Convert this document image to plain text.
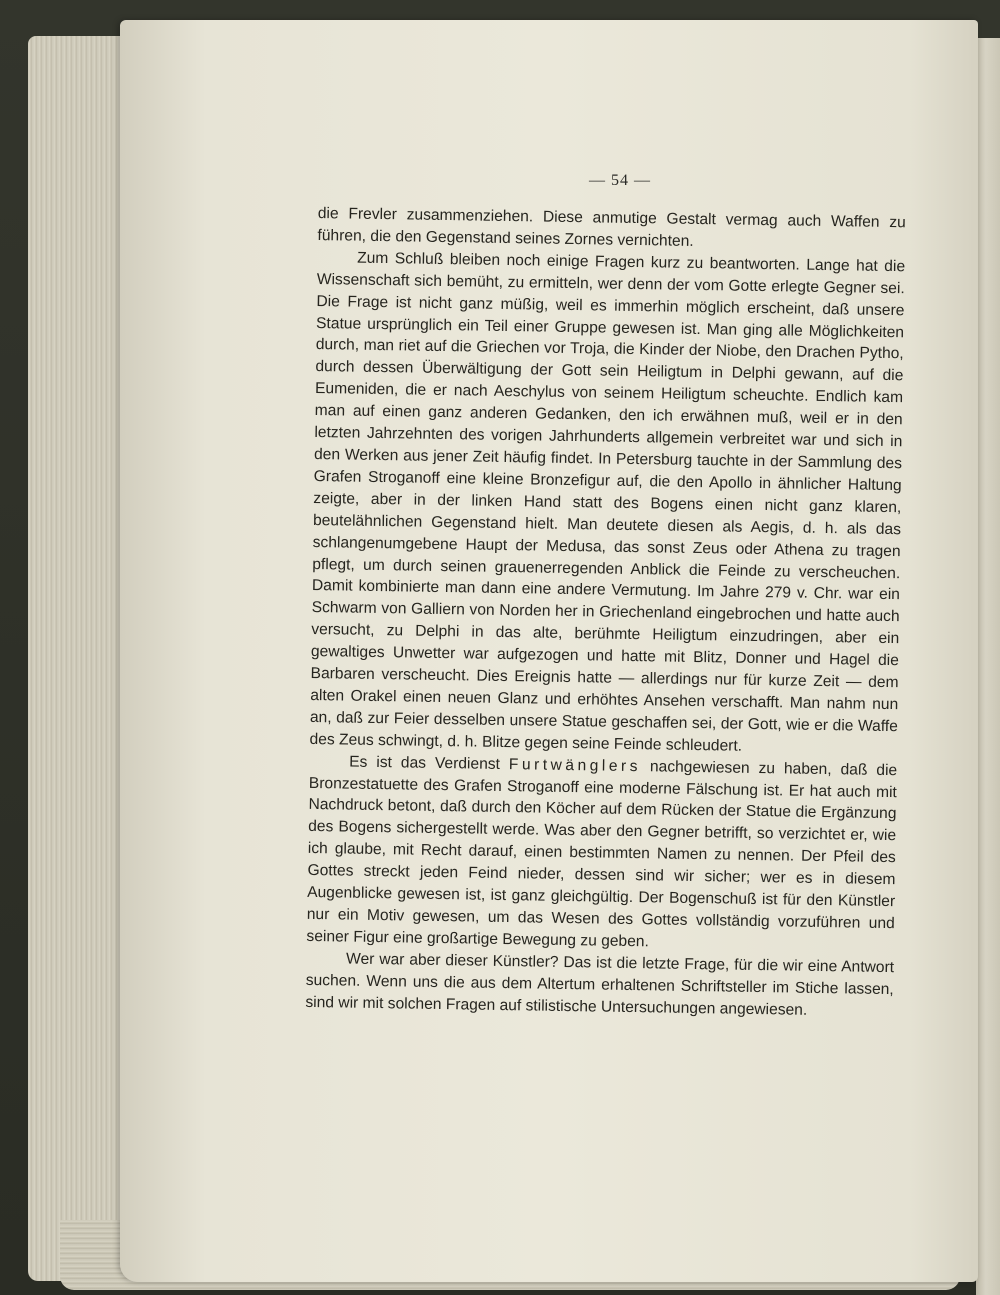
— 54 —

die Frevler zusammenziehen. Diese anmutige Gestalt vermag auch Waffen zu führen, die den Gegenstand seines Zornes vernichten.

Zum Schluß bleiben noch einige Fragen kurz zu beantworten. Lange hat die Wissenschaft sich bemüht, zu ermitteln, wer denn der vom Gotte erlegte Gegner sei. Die Frage ist nicht ganz müßig, weil es immerhin möglich erscheint, daß unsere Statue ursprünglich ein Teil einer Gruppe gewesen ist. Man ging alle Möglichkeiten durch, man riet auf die Griechen vor Troja, die Kinder der Niobe, den Drachen Pytho, durch dessen Überwältigung der Gott sein Heiligtum in Delphi gewann, auf die Eumeniden, die er nach Aeschylus von seinem Heiligtum scheuchte. Endlich kam man auf einen ganz anderen Gedanken, den ich erwähnen muß, weil er in den letzten Jahrzehnten des vorigen Jahrhunderts allgemein verbreitet war und sich in den Werken aus jener Zeit häufig findet. In Petersburg tauchte in der Sammlung des Grafen Stroganoff eine kleine Bronzefigur auf, die den Apollo in ähnlicher Haltung zeigte, aber in der linken Hand statt des Bogens einen nicht ganz klaren, beutelähnlichen Gegenstand hielt. Man deutete diesen als Aegis, d. h. als das schlangenumgebene Haupt der Medusa, das sonst Zeus oder Athena zu tragen pflegt, um durch seinen grauenerregenden Anblick die Feinde zu verscheuchen. Damit kombinierte man dann eine andere Vermutung. Im Jahre 279 v. Chr. war ein Schwarm von Galliern von Norden her in Griechenland eingebrochen und hatte auch versucht, zu Delphi in das alte, berühmte Heiligtum einzudringen, aber ein gewaltiges Unwetter war aufgezogen und hatte mit Blitz, Donner und Hagel die Barbaren verscheucht. Dies Ereignis hatte — allerdings nur für kurze Zeit — dem alten Orakel einen neuen Glanz und erhöhtes Ansehen verschafft. Man nahm nun an, daß zur Feier desselben unsere Statue geschaffen sei, der Gott, wie er die Waffe des Zeus schwingt, d. h. Blitze gegen seine Feinde schleudert.

Es ist das Verdienst Furtwänglers nachgewiesen zu haben, daß die Bronzestatuette des Grafen Stroganoff eine moderne Fälschung ist. Er hat auch mit Nachdruck betont, daß durch den Köcher auf dem Rücken der Statue die Ergänzung des Bogens sichergestellt werde. Was aber den Gegner betrifft, so verzichtet er, wie ich glaube, mit Recht darauf, einen bestimmten Namen zu nennen. Der Pfeil des Gottes streckt jeden Feind nieder, dessen sind wir sicher; wer es in diesem Augenblicke gewesen ist, ist ganz gleichgültig. Der Bogenschuß ist für den Künstler nur ein Motiv gewesen, um das Wesen des Gottes vollständig vorzuführen und seiner Figur eine großartige Bewegung zu geben.

Wer war aber dieser Künstler? Das ist die letzte Frage, für die wir eine Antwort suchen. Wenn uns die aus dem Altertum erhaltenen Schriftsteller im Stiche lassen, sind wir mit solchen Fragen auf stilistische Untersuchungen angewiesen.
